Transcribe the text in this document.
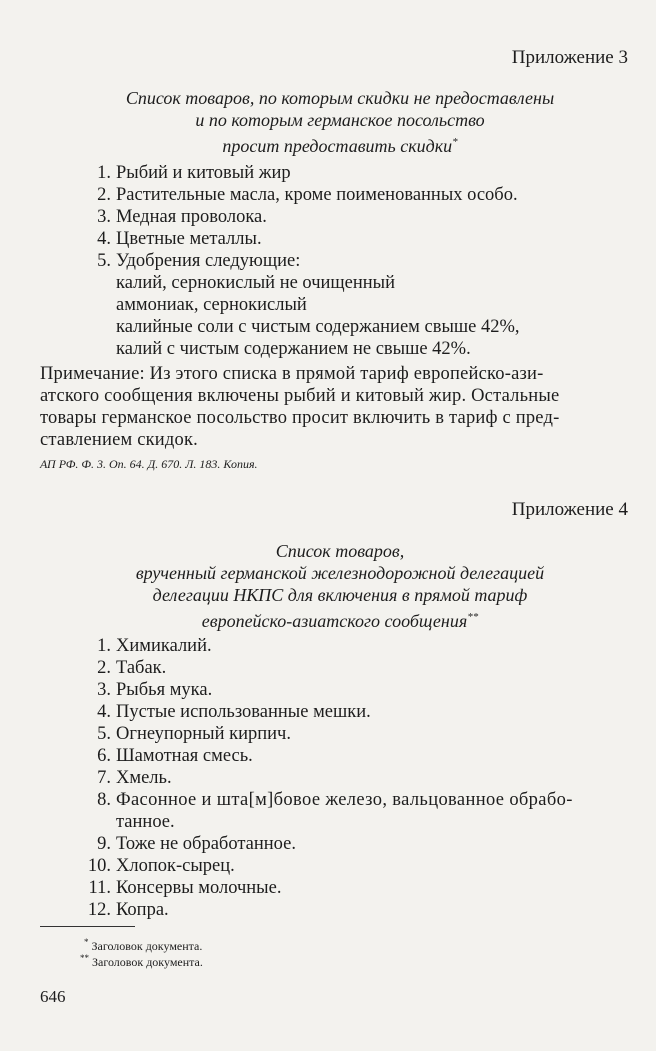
Приложение 3
Список товаров, по которым скидки не предоставлены
и по которым германское посольство
просит предоставить скидки*
1. Рыбий и китовый жир
2. Растительные масла, кроме поименованных особо.
3. Медная проволока.
4. Цветные металлы.
5. Удобрения следующие:
калий, сернокислый не очищенный
аммониак, сернокислый
калийные соли с чистым содержанием свыше 42%,
калий с чистым содержанием не свыше 42%.
Примечание: Из этого списка в прямой тариф европейско-ази-
атского сообщения включены рыбий и китовый жир. Остальные
товары германское посольство просит включить в тариф с пред-
ставлением скидок.
АП РФ. Ф. 3. Оп. 64. Д. 670. Л. 183. Копия.
Приложение 4
Список товаров,
врученный германской железнодорожной делегацией
делегации НКПС для включения в прямой тариф
европейско-азиатского сообщения**
1. Химикалий.
2. Табак.
3. Рыбья мука.
4. Пустые использованные мешки.
5. Огнеупорный кирпич.
6. Шамотная смесь.
7. Хмель.
8. Фасонное и шта[м]бовое железо, вальцованное обрабо-
танное.
9. Тоже не обработанное.
10. Хлопок-сырец.
11. Консервы молочные.
12. Копра.
* Заголовок документа.
** Заголовок документа.
646
